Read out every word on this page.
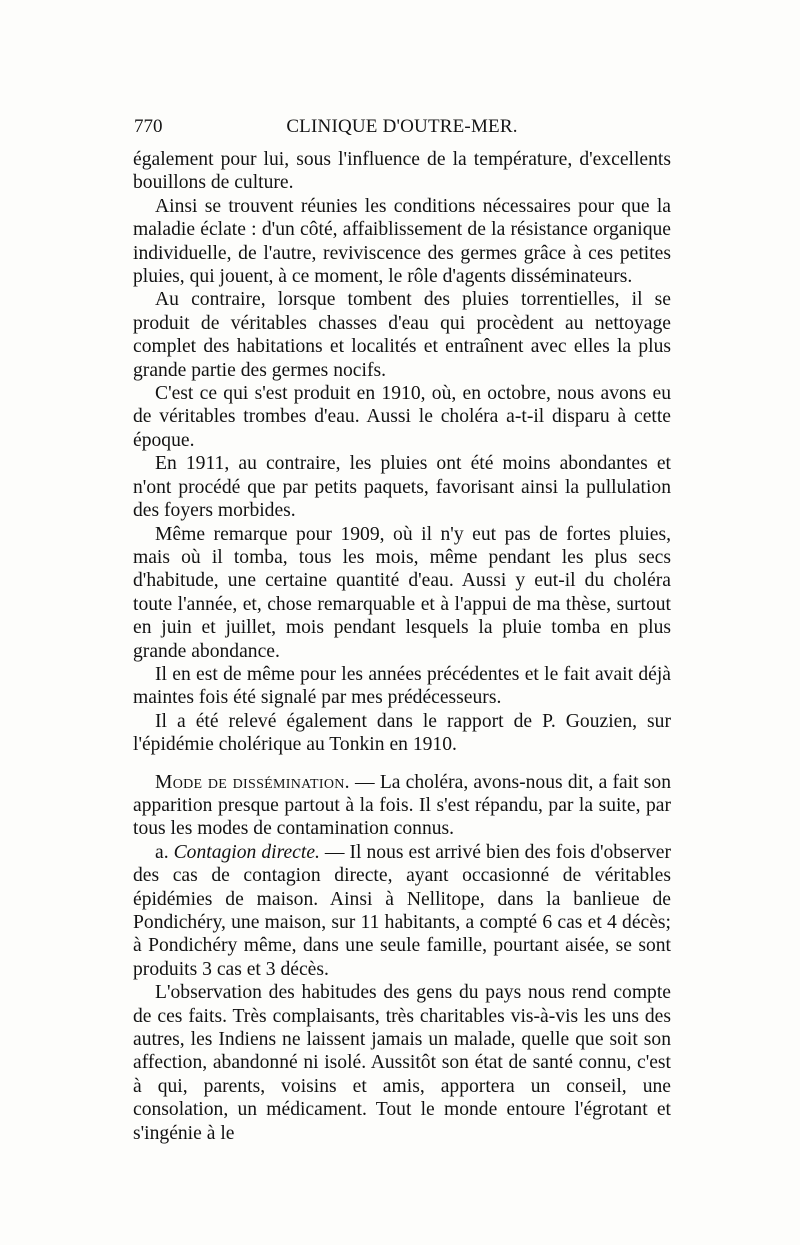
770	CLINIQUE D'OUTRE-MER.

également pour lui, sous l'influence de la température, d'excellents bouillons de culture.

Ainsi se trouvent réunies les conditions nécessaires pour que la maladie éclate : d'un côté, affaiblissement de la résistance organique individuelle, de l'autre, reviviscence des germes grâce à ces petites pluies, qui jouent, à ce moment, le rôle d'agents disséminateurs.

Au contraire, lorsque tombent des pluies torrentielles, il se produit de véritables chasses d'eau qui procèdent au nettoyage complet des habitations et localités et entraînent avec elles la plus grande partie des germes nocifs.

C'est ce qui s'est produit en 1910, où, en octobre, nous avons eu de véritables trombes d'eau. Aussi le choléra a-t-il disparu à cette époque.

En 1911, au contraire, les pluies ont été moins abondantes et n'ont procédé que par petits paquets, favorisant ainsi la pullulation des foyers morbides.

Même remarque pour 1909, où il n'y eut pas de fortes pluies, mais où il tomba, tous les mois, même pendant les plus secs d'habitude, une certaine quantité d'eau. Aussi y eut-il du choléra toute l'année, et, chose remarquable et à l'appui de ma thèse, surtout en juin et juillet, mois pendant lesquels la pluie tomba en plus grande abondance.

Il en est de même pour les années précédentes et le fait avait déjà maintes fois été signalé par mes prédécesseurs.

Il a été relevé également dans le rapport de P. Gouzien, sur l'épidémie cholérique au Tonkin en 1910.

Mode de dissémination. — La choléra, avons-nous dit, a fait son apparition presque partout à la fois. Il s'est répandu, par la suite, par tous les modes de contamination connus.

a. Contagion directe. — Il nous est arrivé bien des fois d'observer des cas de contagion directe, ayant occasionné de véritables épidémies de maison. Ainsi à Nellitope, dans la banlieue de Pondichéry, une maison, sur 11 habitants, a compté 6 cas et 4 décès; à Pondichéry même, dans une seule famille, pourtant aisée, se sont produits 3 cas et 3 décès.

L'observation des habitudes des gens du pays nous rend compte de ces faits. Très complaisants, très charitables vis-à-vis les uns des autres, les Indiens ne laissent jamais un malade, quelle que soit son affection, abandonné ni isolé. Aussitôt son état de santé connu, c'est à qui, parents, voisins et amis, apportera un conseil, une consolation, un médicament. Tout le monde entoure l'égrotant et s'ingénie à le
